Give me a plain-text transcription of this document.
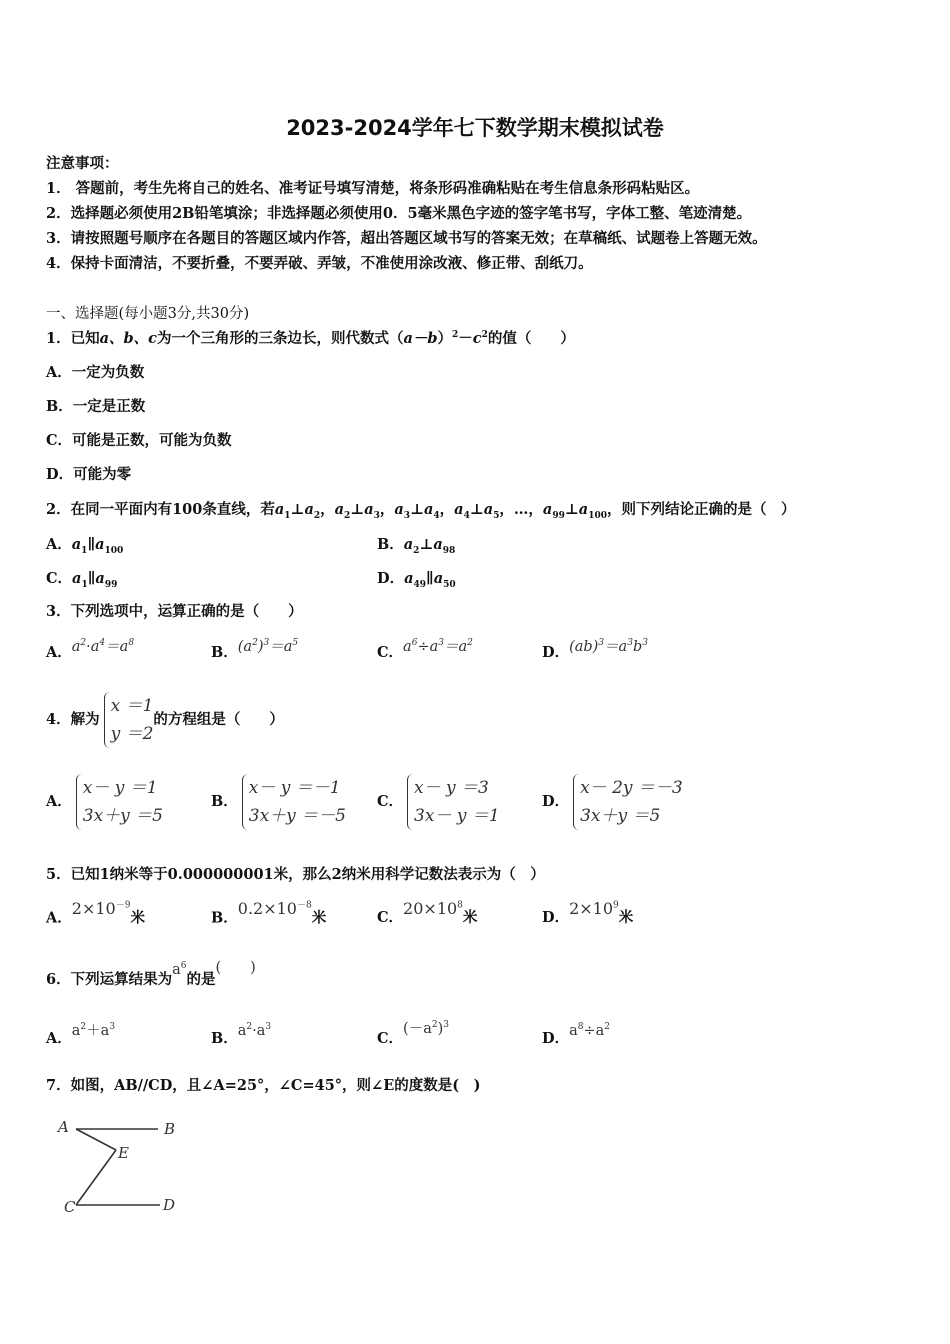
2023-2024学年七下数学期末模拟试卷
注意事项：
1． 答题前，考生先将自己的姓名、准考证号填写清楚，将条形码准确粘贴在考生信息条形码粘贴区。
2．选择题必须使用2B铅笔填涂；非选择题必须使用0．5毫米黑色字迹的签字笔书写，字体工整、笔迹清楚。
3．请按照题号顺序在各题目的答题区域内作答，超出答题区域书写的答案无效；在草稿纸、试题卷上答题无效。
4．保持卡面清洁，不要折叠，不要弄破、弄皱，不准使用涂改液、修正带、刮纸刀。
一、选择题(每小题3分,共30分)
1．已知a、b、c为一个三角形的三条边长，则代数式$(a-b)^2-c^2$的值（　　）
A．一定为负数
B．一定是正数
C．可能是正数，可能为负数
D．可能为零
2．在同一平面内有100条直线，若$a_1\perp a_2$，$a_2\perp a_3$，$a_3\perp a_4$，$a_4\perp a_5$，…，$a_{99}\perp a_{100}$，则下列结论正确的是（　）
A．$a_1\parallel a_{100}$	B．$a_2\perp a_{98}$
C．$a_1\parallel a_{99}$	D．$a_{49}\parallel a_{50}$
3．下列选项中，运算正确的是（　　）
A．$a^2\cdot a^4=a^8$
B．$(a^2)^3=a^5$
C．$a^6\div a^3=a^2$
D．$(ab)^3=a^3b^3$
4．解为x ＝1
y ＝2的方程组是（　　）
A．x－ y ＝1
3x＋y ＝5
B．x－ y ＝－1
3x＋y ＝－5
C．x－ y ＝3
3x－ y ＝1
D．x－ 2y ＝－3
3x＋y ＝5
5．已知1纳米等于0.000000001米，那么2纳米用科学记数法表示为（　）
A．$2\times 10^{-9}$米	B．$0.2\times 10^{-8}$米	C．$20\times 10^8$米	D．$2\times 10^9$米
6．下列运算结果为$a^6$的是(　　)
A．$a^2+a^3$
B．$a^2\cdot a^3$
C．$(-a^2)^3$
D．$a^8\div a^2$
7．如图，AB//CD，且∠A=25°，∠C=45°，则∠E的度数是(　)
A	B
E
C	D
